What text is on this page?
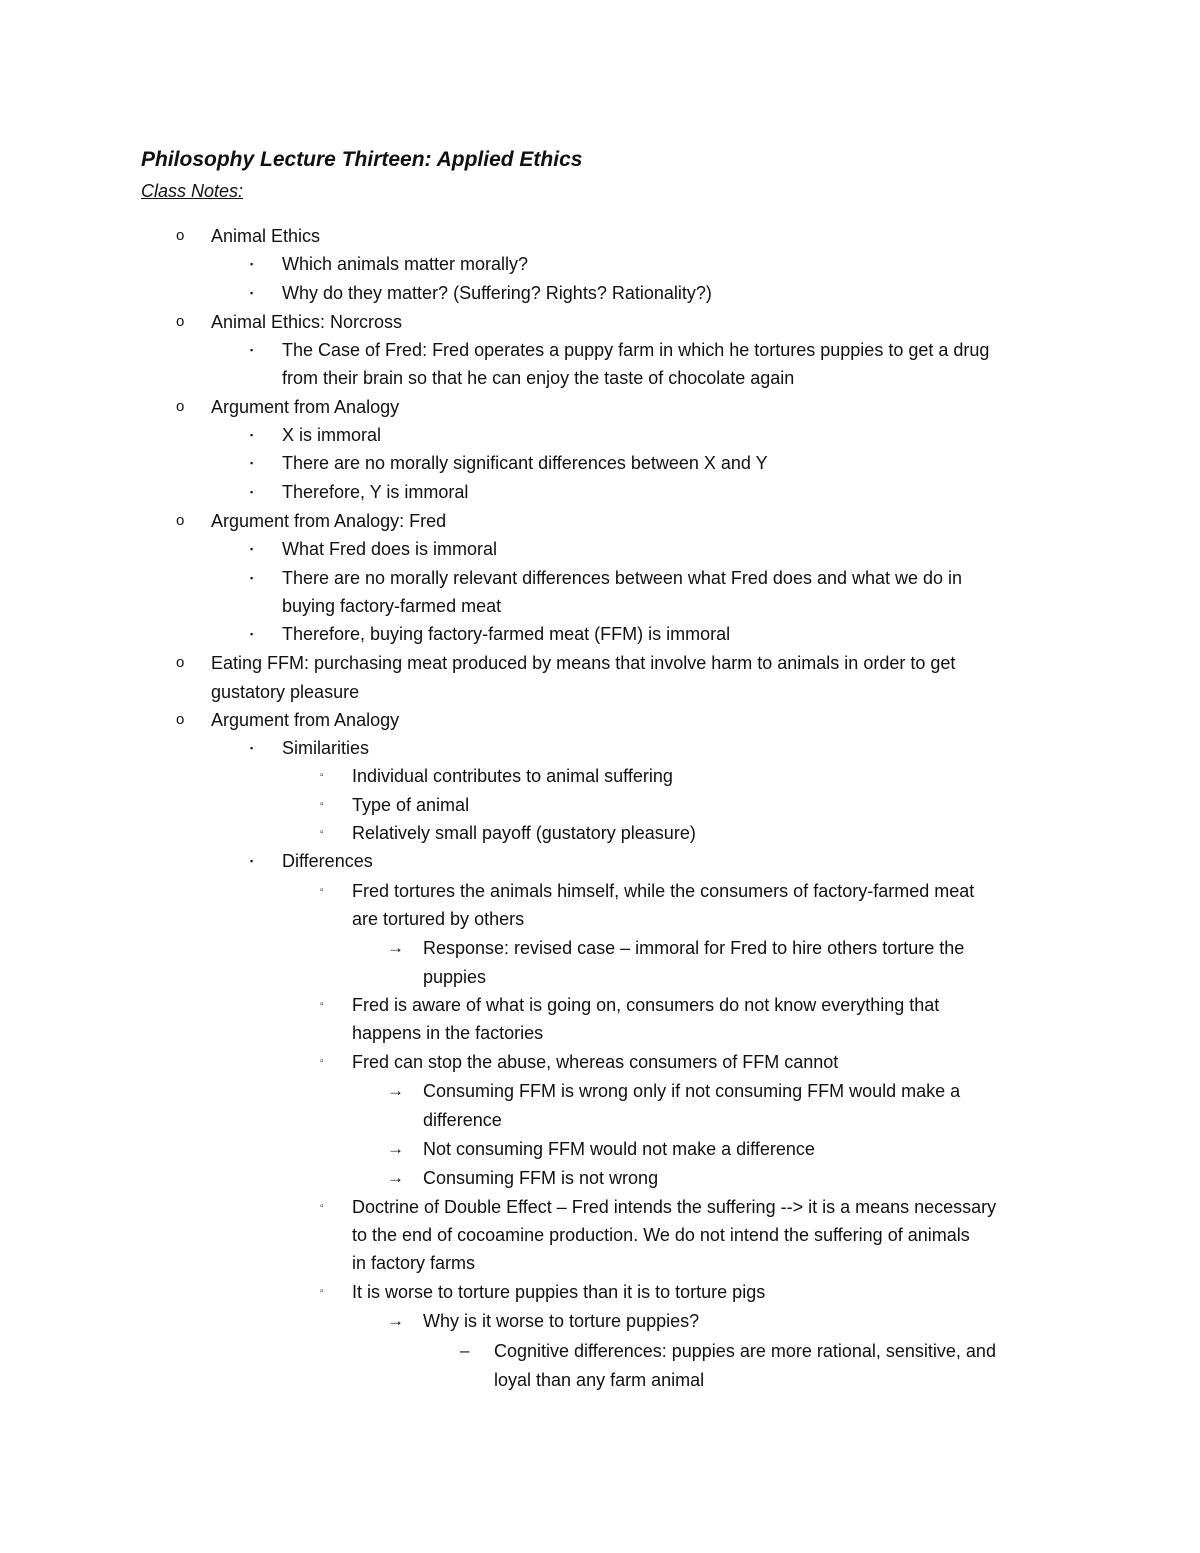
Philosophy Lecture Thirteen: Applied Ethics
Class Notes:
o
▪
▪
o
▪
o
▪
▪
▪
o
▪
▪
▪
o
o
▪
▫
▫
▫
▪
▫
→
▫
▫
→
→
→
▫
▫
→
–
Animal Ethics
Which animals matter morally?
Why do they matter? (Suffering? Rights? Rationality?)
Animal Ethics: Norcross
The Case of Fred: Fred operates a puppy farm in which he tortures puppies to get a drug
from their brain so that he can enjoy the taste of chocolate again
Argument from Analogy
X is immoral
There are no morally significant differences between X and Y
Therefore, Y is immoral
Argument from Analogy: Fred
What Fred does is immoral
There are no morally relevant differences between what Fred does and what we do in
buying factory-farmed meat
Therefore, buying factory-farmed meat (FFM) is immoral
Eating FFM: purchasing meat produced by means that involve harm to animals in order to get
gustatory pleasure
Argument from Analogy
Similarities
Individual contributes to animal suffering
Type of animal
Relatively small payoff (gustatory pleasure)
Differences
Fred tortures the animals himself, while the consumers of factory-farmed meat
are tortured by others
Response: revised case – immoral for Fred to hire others torture the
puppies
Fred is aware of what is going on, consumers do not know everything that
happens in the factories
Fred can stop the abuse, whereas consumers of FFM cannot
Consuming FFM is wrong only if not consuming FFM would make a
difference
Not consuming FFM would not make a difference
Consuming FFM is not wrong
Doctrine of Double Effect – Fred intends the suffering --> it is a means necessary
to the end of cocoamine production. We do not intend the suffering of animals
in factory farms
It is worse to torture puppies than it is to torture pigs
Why is it worse to torture puppies?
Cognitive differences: puppies are more rational, sensitive, and
loyal than any farm animal
